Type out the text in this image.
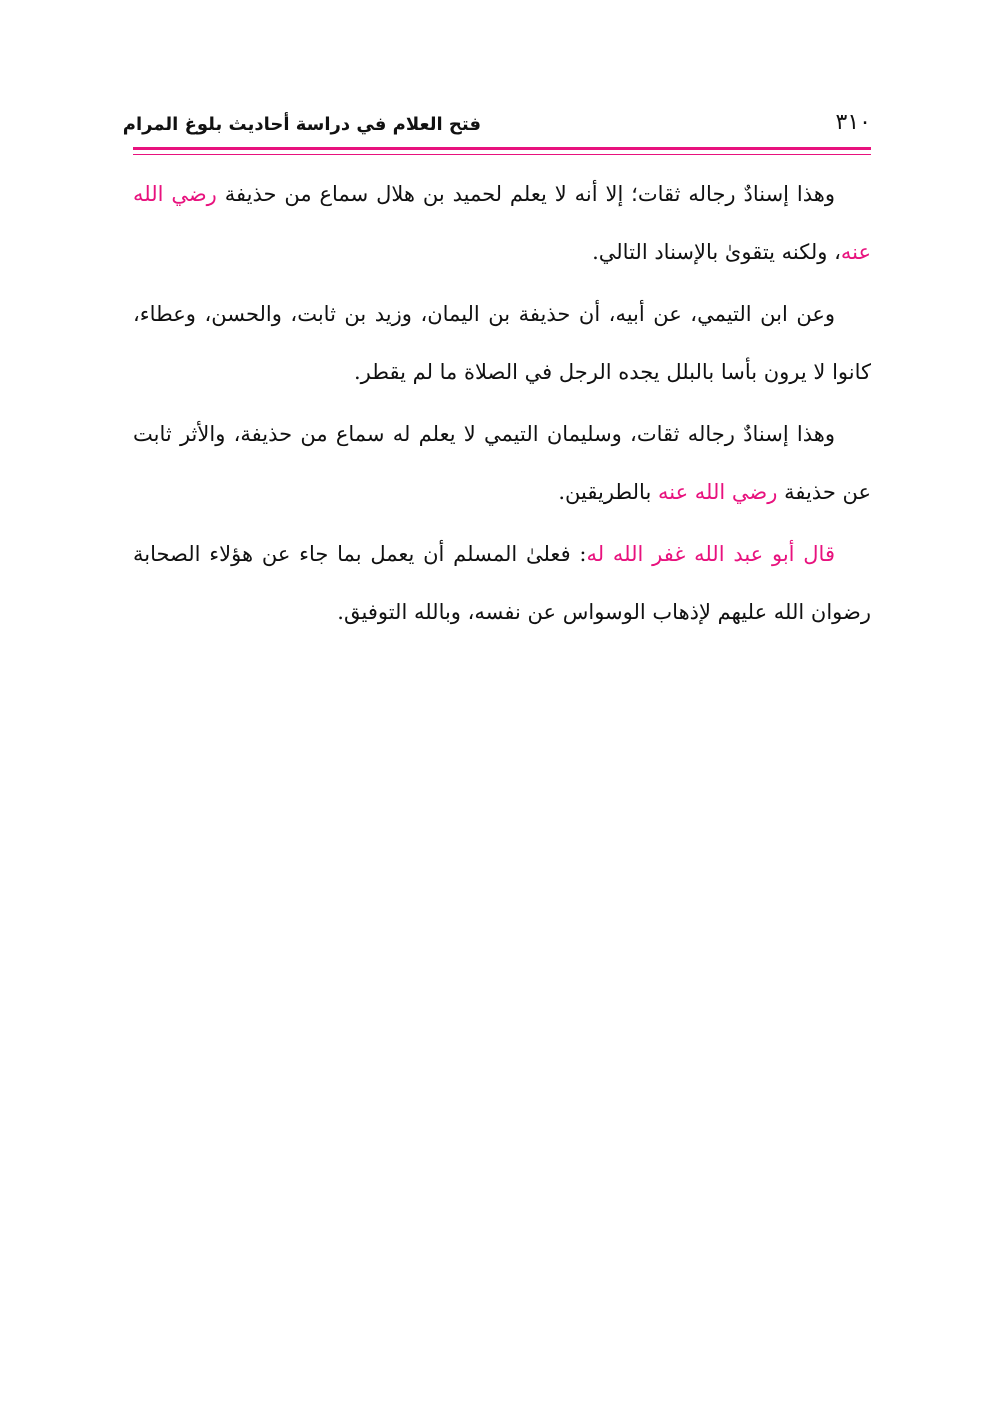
٣١٠
فتح العلام في دراسة أحاديث بلوغ المرام

وهذا إسنادٌ رجاله ثقات؛ إلا أنه لا يعلم لحميد بن هلال سماع من حذيفة رضي الله عنه، ولكنه يتقوىٰ بالإسناد التالي.

وعن ابن التيمي، عن أبيه، أن حذيفة بن اليمان، وزيد بن ثابت، والحسن، وعطاء، كانوا لا يرون بأسا بالبلل يجده الرجل في الصلاة ما لم يقطر.

وهذا إسنادٌ رجاله ثقات، وسليمان التيمي لا يعلم له سماع من حذيفة، والأثر ثابت عن حذيفة رضي الله عنه بالطريقين.

قال أبو عبد الله غفر الله له: فعلىٰ المسلم أن يعمل بما جاء عن هؤلاء الصحابة رضوان الله عليهم لإذهاب الوسواس عن نفسه، وبالله التوفيق.
